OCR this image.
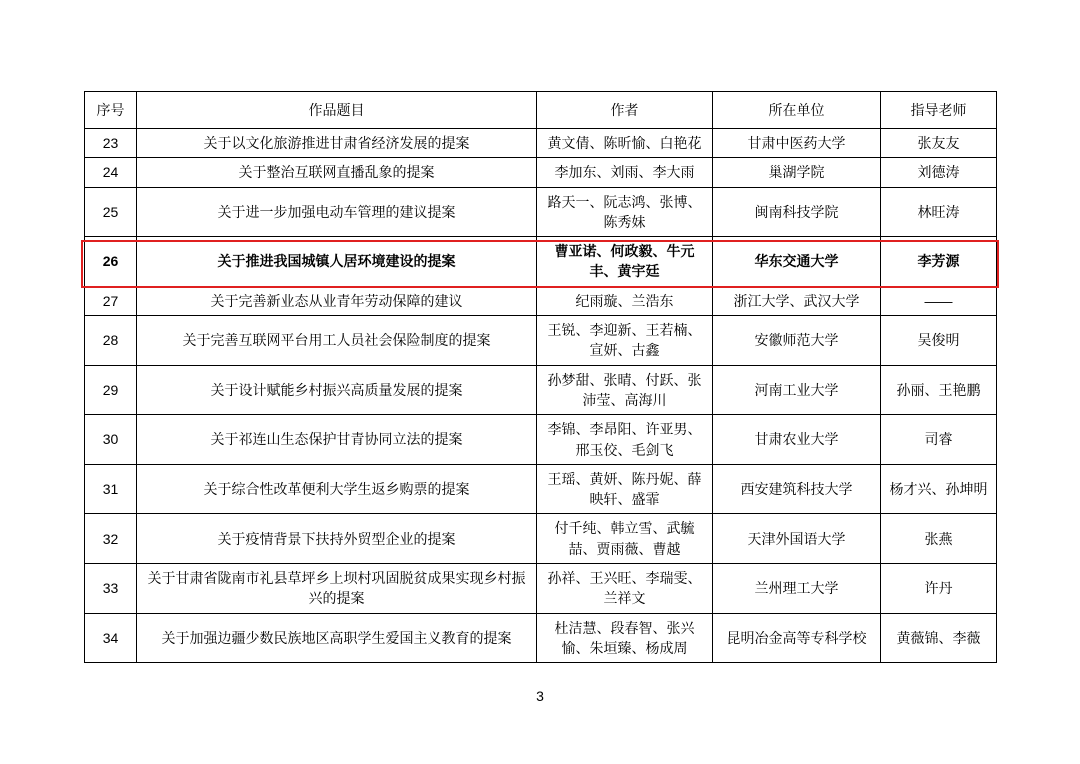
序号	作品题目	作者	所在单位	指导老师
23	关于以文化旅游推进甘肃省经济发展的提案	黄文倩、陈昕愉、白艳花	甘肃中医药大学	张友友
24	关于整治互联网直播乱象的提案	李加东、刘雨、李大雨	巢湖学院	刘德涛
25	关于进一步加强电动车管理的建议提案	路天一、阮志鸿、张博、陈秀妹	闽南科技学院	林旺涛
26	关于推进我国城镇人居环境建设的提案	曹亚诺、何政毅、牛元丰、黄宇廷	华东交通大学	李芳源
27	关于完善新业态从业青年劳动保障的建议	纪雨璇、兰浩东	浙江大学、武汉大学	——
28	关于完善互联网平台用工人员社会保险制度的提案	王锐、李迎新、王若楠、宣妍、古鑫	安徽师范大学	吴俊明
29	关于设计赋能乡村振兴高质量发展的提案	孙梦甜、张晴、付跃、张沛莹、高海川	河南工业大学	孙丽、王艳鹏
30	关于祁连山生态保护甘青协同立法的提案	李锦、李昂阳、许亚男、邢玉佼、毛剑飞	甘肃农业大学	司睿
31	关于综合性改革便利大学生返乡购票的提案	王瑶、黄妍、陈丹妮、薛映轩、盛霏	西安建筑科技大学	杨才兴、孙坤明
32	关于疫情背景下扶持外贸型企业的提案	付千纯、韩立雪、武毓喆、贾雨薇、曹越	天津外国语大学	张燕
33	关于甘肃省陇南市礼县草坪乡上坝村巩固脱贫成果实现乡村振兴的提案	孙祥、王兴旺、李瑞雯、兰祥文	兰州理工大学	许丹
34	关于加强边疆少数民族地区高职学生爱国主义教育的提案	杜洁慧、段春智、张兴愉、朱垣臻、杨成周	昆明冶金高等专科学校	黄薇锦、李薇
3
